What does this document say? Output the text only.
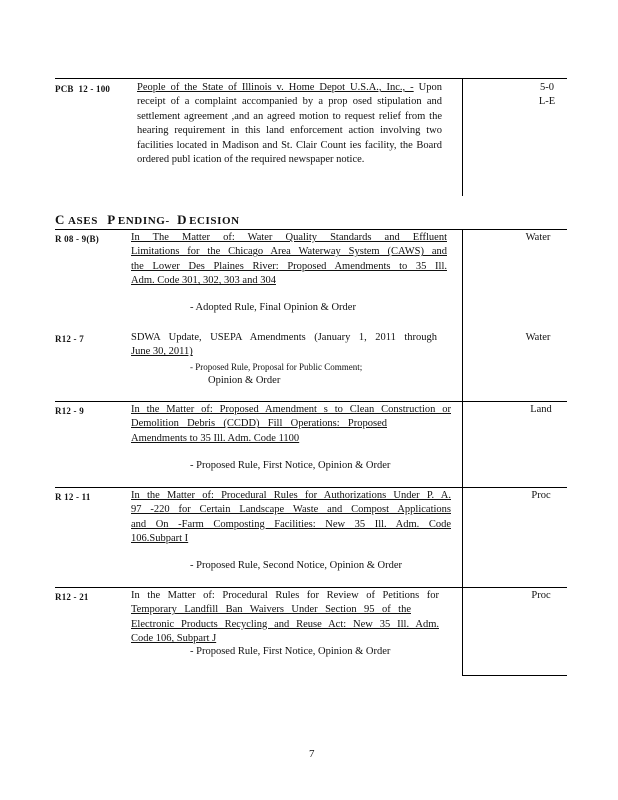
PCB  12 - 100	People of the State of Illinois v. Home Depot U.S.A., Inc., - Upon receipt of a complaint accompanied by a prop osed stipulation and settlement agreement ,and an agreed motion to request relief from the hearing requirement in this land enforcement action involving two facilities located in Madison and St. Clair Count ies facility, the Board ordered publ ication of the required newspaper notice.
5-0
L-E
C ASES P ENDING- D ECISION
R 08 - 9(B)	In The Matter of: Water Quality Standards and Effluent
Limitations for the Chicago Area Waterway System (CAWS) and
the Lower Des Plaines River: Proposed Amendments to 35 Ill.
Adm. Code 301, 302, 303 and 304
- Adopted Rule, Final Opinion & Order
Water
R12 - 7	SDWA Update, USEPA Amendments (January 1, 2011 through
June 30, 2011)
- Proposed Rule, Proposal for Public Comment;
Opinion & Order
Water
R12 - 9	In the Matter of: Proposed Amendment s to Clean Construction or
Demolition Debris (CCDD) Fill Operations: Proposed
Amendments to 35 Ill. Adm. Code 1100
- Proposed Rule, First Notice, Opinion & Order
Land
R 12 - 11	In the Matter of: Procedural Rules for Authorizations Under P. A.
97 -220 for Certain Landscape Waste and Compost Applications
and On -Farm Composting Facilities: New 35 Ill. Adm. Code
106.Subpart I
- Proposed Rule, Second Notice, Opinion & Order
Proc
R12 - 21	In the Matter of: Procedural Rules for Review of Petitions for
Temporary Landfill Ban Waivers Under Section 95 of the
Electronic Products Recycling and Reuse Act: New 35 Ill. Adm.
Code 106, Subpart J
- Proposed Rule, First Notice, Opinion & Order
Proc
7
